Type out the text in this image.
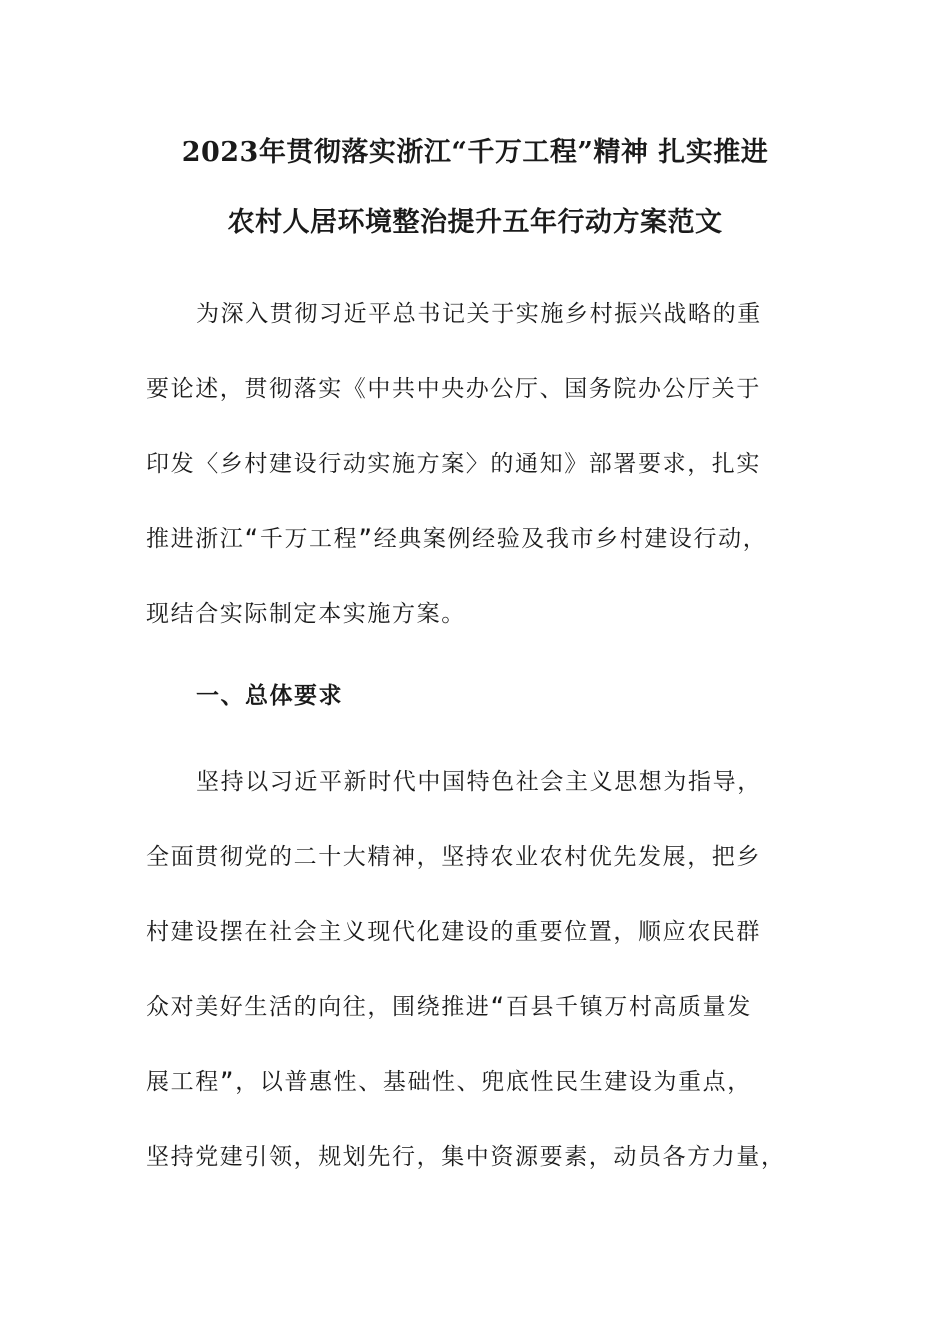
2023年贯彻落实浙江“千万工程”精神 扎实推进
农村人居环境整治提升五年行动方案范文
为深入贯彻习近平总书记关于实施乡村振兴战略的重
要论述，贯彻落实《中共中央办公厅、国务院办公厅关于
印发〈乡村建设行动实施方案〉的通知》部署要求，扎实
推进浙江“千万工程”经典案例经验及我市乡村建设行动，
现结合实际制定本实施方案。
一、总体要求
坚持以习近平新时代中国特色社会主义思想为指导，
全面贯彻党的二十大精神，坚持农业农村优先发展，把乡
村建设摆在社会主义现代化建设的重要位置，顺应农民群
众对美好生活的向往，围绕推进“百县千镇万村高质量发
展工程”，以普惠性、基础性、兜底性民生建设为重点，
坚持党建引领，规划先行，集中资源要素，动员各方力量，
